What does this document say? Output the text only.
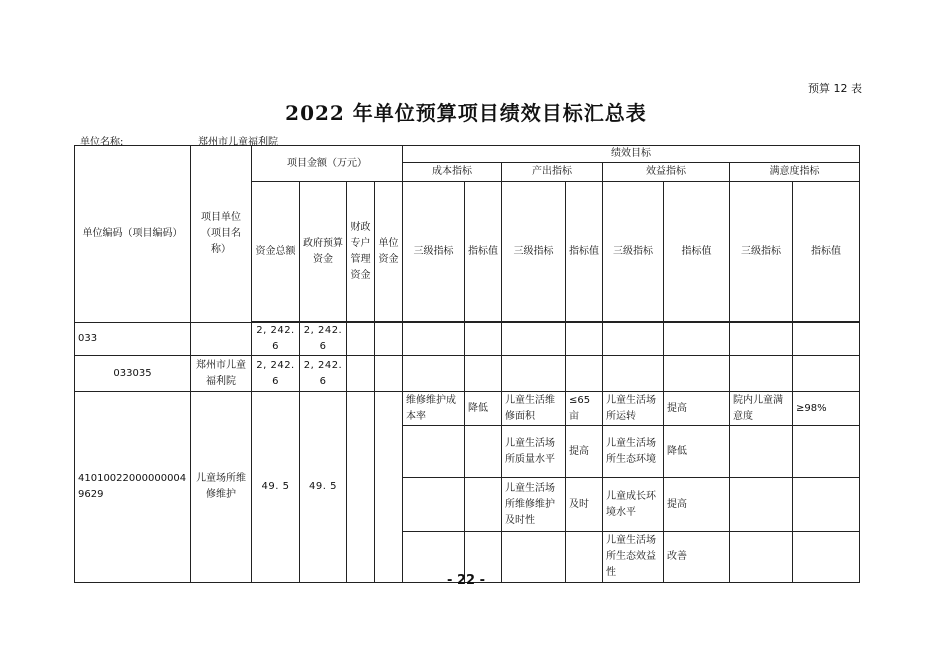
预算 12 表
2022 年单位预算项目绩效目标汇总表
单位名称:	郑州市儿童福利院
单位编码（项目编码）	项目单位（项目名称）	项目金额（万元）				绩效目标							
						成本指标		产出指标		效益指标		满意度指标	
		资金总额	政府预算资金	财政专户管理资金	单位资金	三级指标	指标值	三级指标	指标值	三级指标	指标值	三级指标	指标值

033		2, 242. 6	2, 242. 6										
033035	郑州市儿童福利院	2, 242. 6	2, 242. 6										
410100220000000049629	儿童场所维修维护	49. 5	49. 5			维修维护成本率	降低	儿童生活维修面积	≤65亩	儿童生活场所运转	提高	院内儿童满意度	≥98%
								儿童生活场所质量水平	提高	儿童生活场所生态环境	降低		
								儿童生活场所维修维护及时性	及时	儿童成长环境水平	提高		
										儿童生活场所生态效益性	改善		
- 22 -
